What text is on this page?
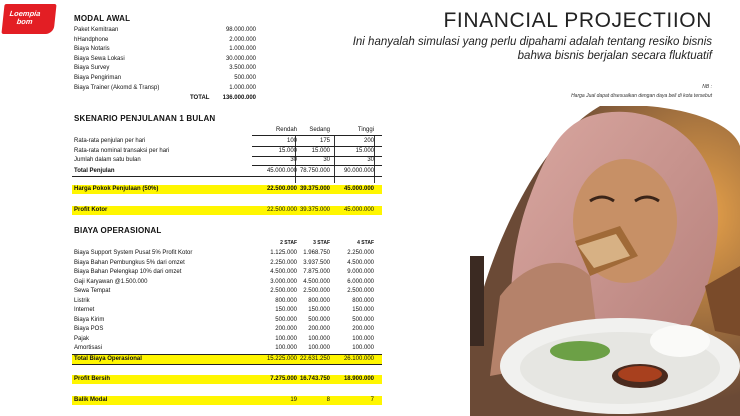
Loempia
bom	MODAL AWAL
Paket Kemitraan	98.000.000
hHandphone	2.000.000
Biaya Notaris	1.000.000
Biaya Sewa Lokasi	30.000.000
Biaya Survey	3.500.000
Biaya Pengiriman	500.000
Biaya Trainer (Akomd & Transp)	1.000.000
TOTAL 136.000.000
SKENARIO PENJULANAN 1 BULAN
Rendah Sedang	Tinggi
Rata-rata penjulan per hari	100	175	200
Rata-rata nominal transaksi per hari	15.000 15.000	15.000
Jumlah dalam satu bulan	30	30	30
Total Penjulan	45.000.000 78.750.000 90.000.000
Harga Pokok Penjulaan (50%)	22.500.000 39.375.000 45.000.000
Profit Kotor	22.500.000 39.375.000 45.000.000
BIAYA OPERASIONAL
2 STAF	3 STAF	4 STAF
Biaya Support System Pusat 5% Profit Kotor	1.125.000 1.968.750	2.250.000
Biaya Bahan Pembungkus 5% dari omzet	2.250.000 3.937.500	4.500.000
Biaya Bahan Pelengkap 10% dari omzet	4.500.000 7.875.000	9.000.000
Gaji Karyawan @1.500.000	3.000.000 4.500.000	6.000.000
Sewa Tempat	2.500.000 2.500.000	2.500.000
Listrik	800.000 800.000	800.000
Internet	150.000 150.000	150.000
Biaya Kirim	500.000 500.000	500.000
Biaya POS	200.000 200.000	200.000
Pajak	100.000 100.000	100.000
Amortisasi	100.000 100.000	100.000
Total Biaya Operasional	15.225.000 22.631.250 26.100.000
Profit Bersih	7.275.000 16.743.750 18.900.000
Balik Modal	19	8	7
FINANCIAL PROJECTIION
Ini hanyalah simulasi yang perlu dipahami adalah tentang resiko bisnis bahwa bisnis berjalan secara fluktuatif
NB :
Harga Jual dapat disesuaikan dengan daya beli di kota tersebut
